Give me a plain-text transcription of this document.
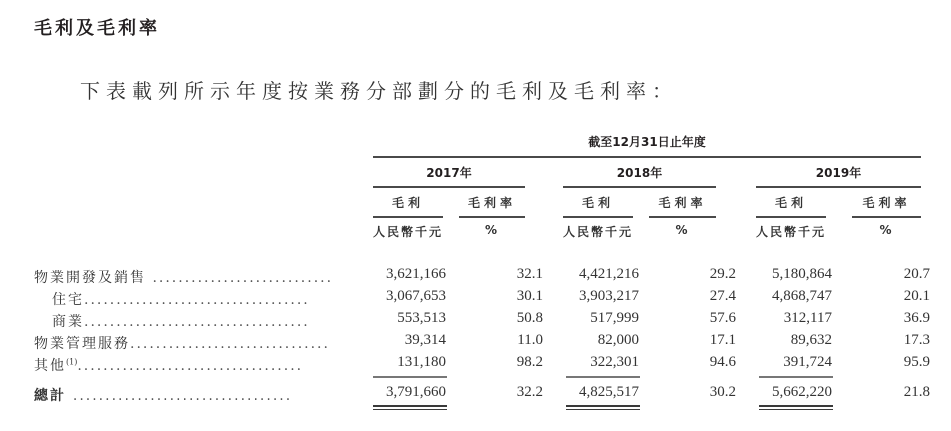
毛利及毛利率
下表載列所示年度按業務分部劃分的毛利及毛利率：
截至12月31日止年度
2017年	2018年	2019年
毛利	毛利率	毛利	毛利率	毛利	毛利率
人民幣千元	%	人民幣千元	%	人民幣千元	%
物業開發及銷售 ............................	3,621,166	32.1	4,421,216	29.2	5,180,864	20.7
住宅...................................	3,067,653	30.1	3,903,217	27.4	4,868,747	20.1
商業...................................	553,513	50.8	517,999	57.6	312,117	36.9
物業管理服務...............................	39,314	11.0	82,000	17.1	89,632	17.3
其他$^{(1)}$...................................	131,180	98.2	322,301	94.6	391,724	95.9
總計 ..................................	3,791,660	32.2	4,825,517	30.2	5,662,220	21.8
